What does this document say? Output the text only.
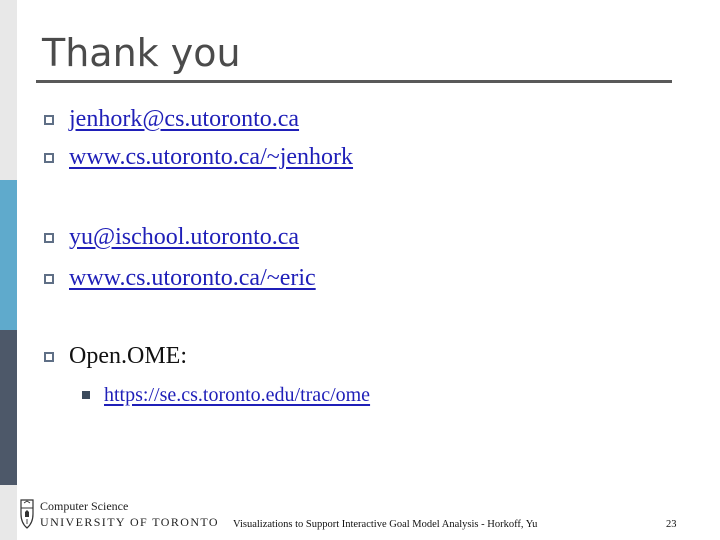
Thank you
jenhork@cs.utoronto.ca
www.cs.utoronto.ca/~jenhork
yu@ischool.utoronto.ca
www.cs.utoronto.ca/~eric
Open.OME:
https://se.cs.toronto.edu/trac/ome
Computer Science
UNIVERSITY OF TORONTO Visualizations to Support Interactive Goal Model Analysis - Horkoff, Yu	23
